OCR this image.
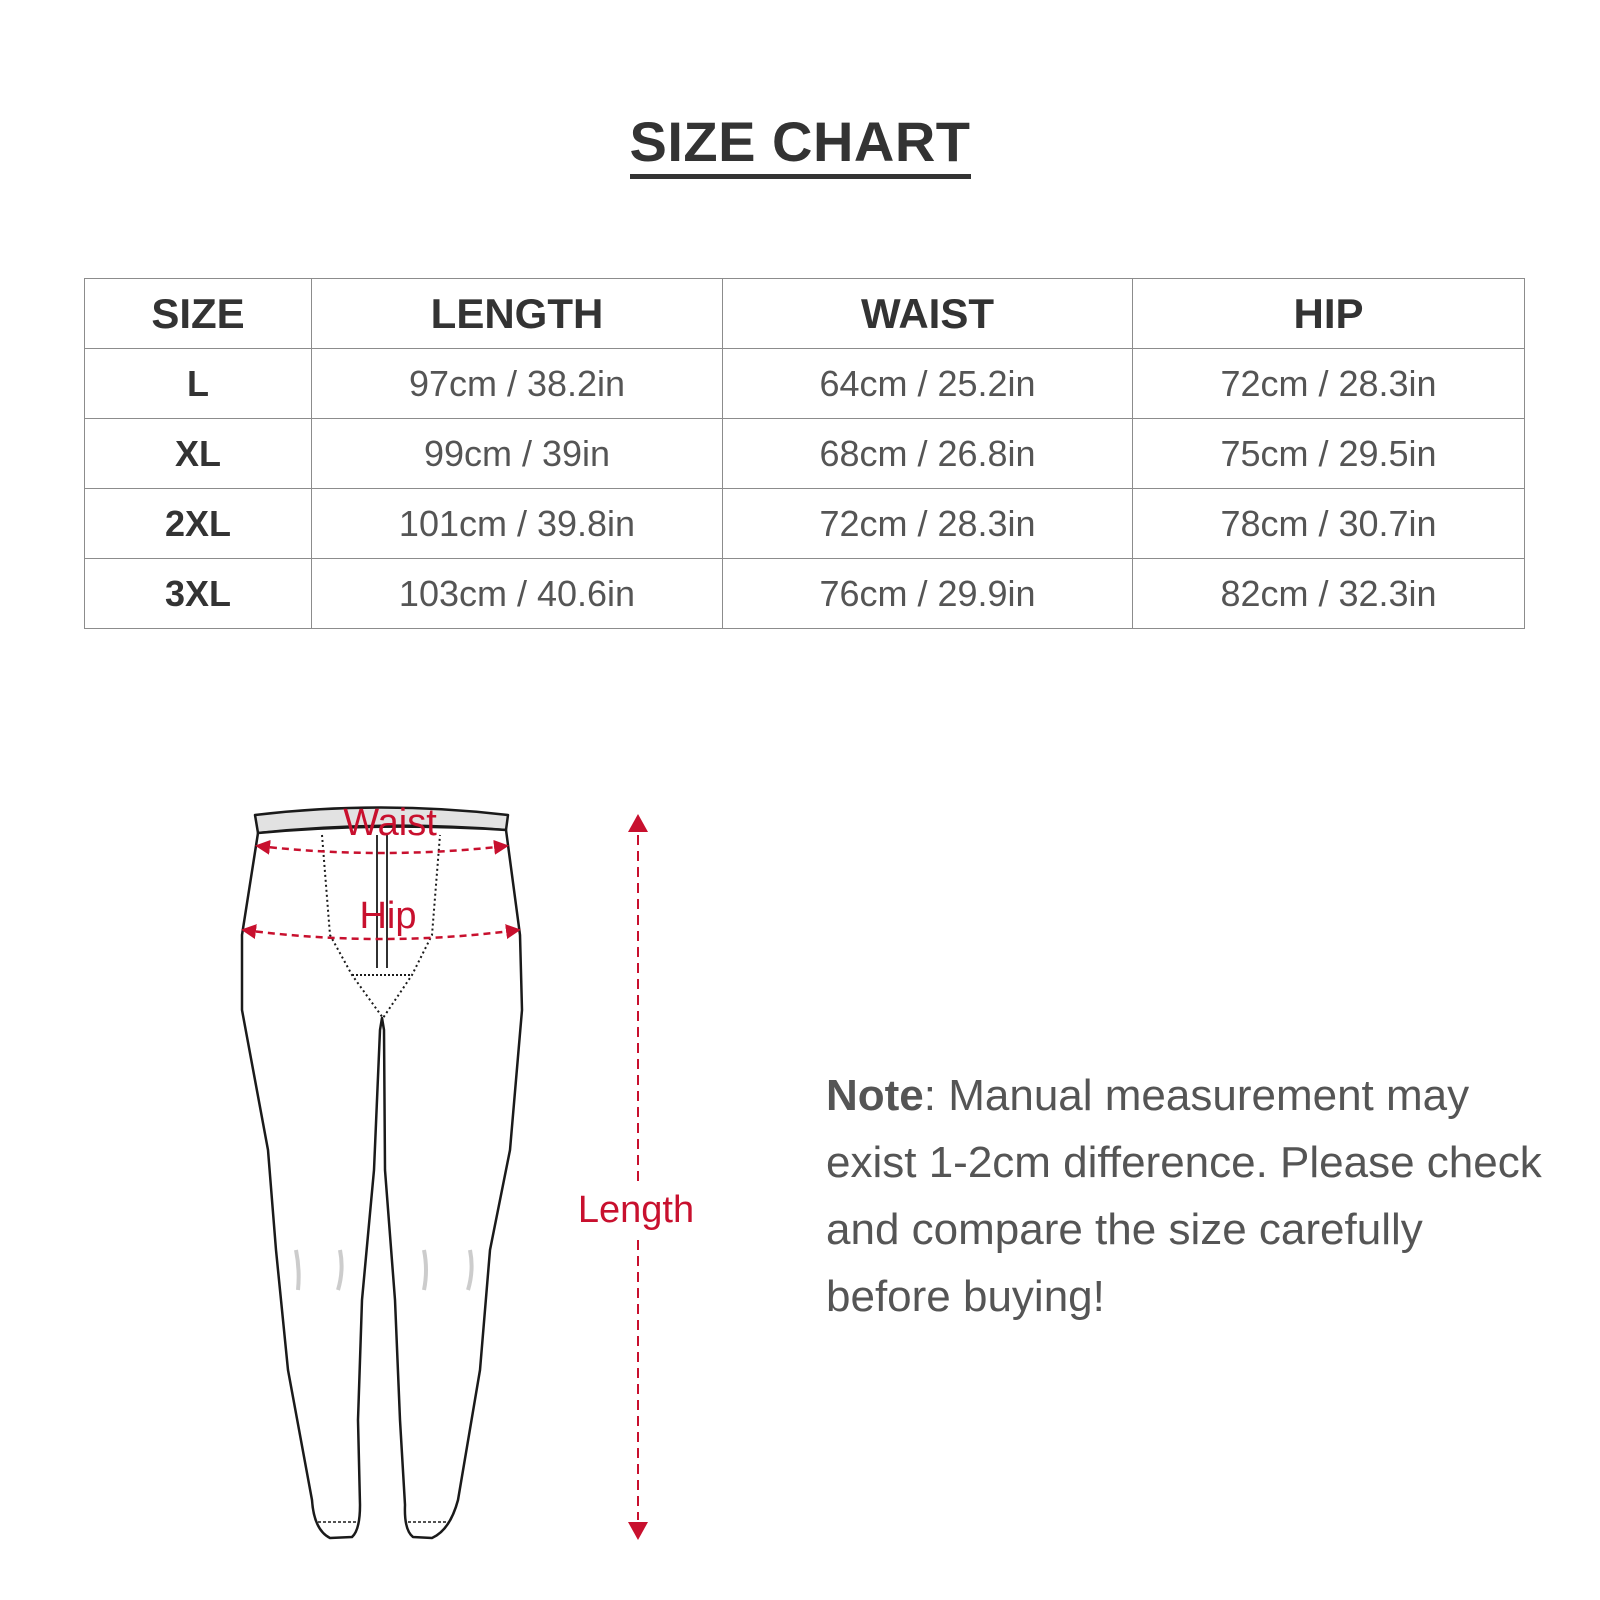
SIZE CHART
SIZE	LENGTH	WAIST	HIP
L	97cm / 38.2in	64cm / 25.2in	72cm / 28.3in
XL	99cm / 39in	68cm / 26.8in	75cm / 29.5in
2XL	101cm / 39.8in	72cm / 28.3in	78cm / 30.7in
3XL	103cm / 40.6in	76cm / 29.9in	82cm / 32.3in
Waist
Hip
Length

Note: Manual measurement may exist 1-2cm difference. Please check and compare the size carefully before buying!
